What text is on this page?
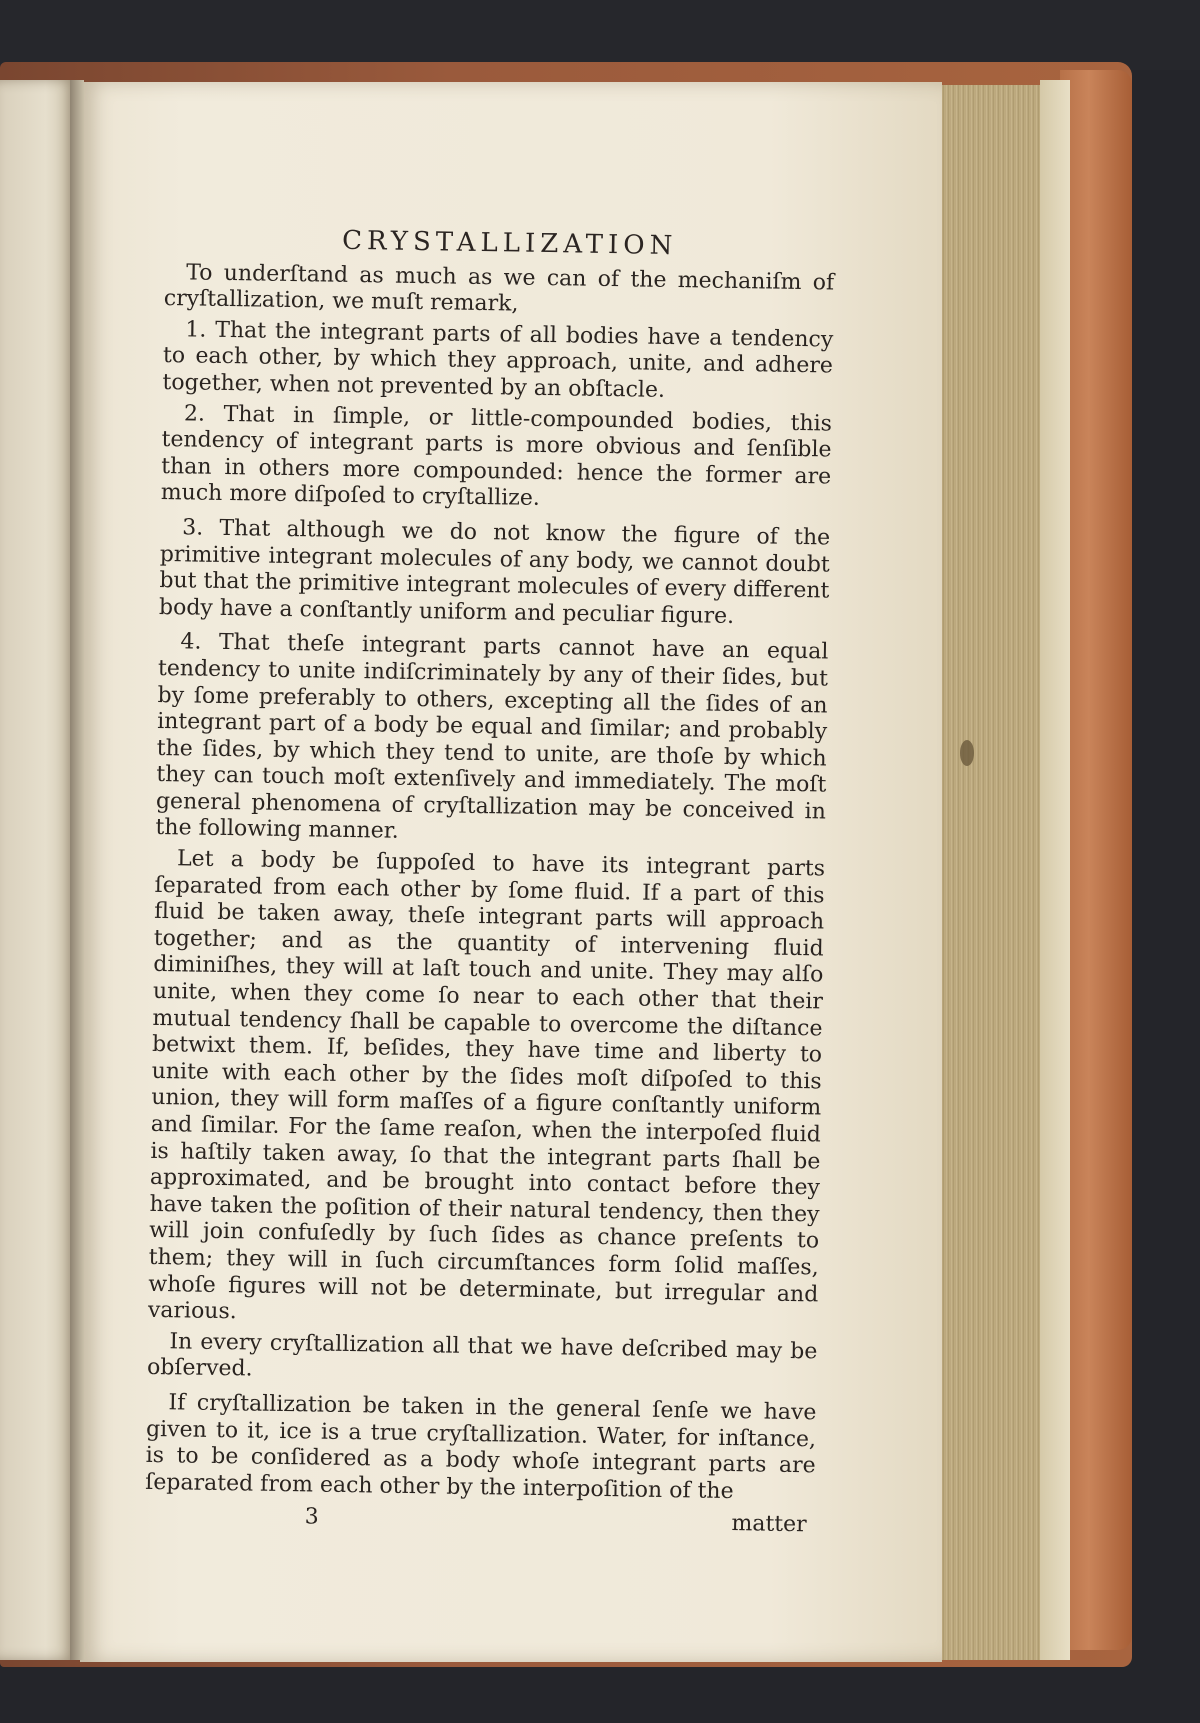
CRYSTALLIZATION

To underſtand as much as we can of the mechaniſm of cryſtallization, we muſt remark,

1. That the integrant parts of all bodies have a tendency to each other, by which they approach, unite, and adhere together, when not prevented by an obſtacle.

2. That in ſimple, or little-compounded bodies, this tendency of integrant parts is more obvious and ſenſible than in others more compounded: hence the former are much more diſpoſed to cryſtallize.

3. That although we do not know the figure of the primitive integrant molecules of any body, we cannot doubt but that the primitive integrant molecules of every different body have a conſtantly uniform and peculiar figure.

4. That theſe integrant parts cannot have an equal tendency to unite indiſcriminately by any of their ſides, but by ſome preferably to others, excepting all the ſides of an integrant part of a body be equal and ſimilar; and probably the ſides, by which they tend to unite, are thoſe by which they can touch moſt extenſively and immediately. The moſt general phenomena of cryſtallization may be conceived in the following manner.

Let a body be ſuppoſed to have its integrant parts ſeparated from each other by ſome fluid. If a part of this fluid be taken away, theſe integrant parts will approach together; and as the quantity of intervening fluid diminiſhes, they will at laſt touch and unite. They may alſo unite, when they come ſo near to each other that their mutual tendency ſhall be capable to overcome the diſtance betwixt them. If, beſides, they have time and liberty to unite with each other by the ſides moſt diſpoſed to this union, they will form maſſes of a figure conſtantly uniform and ſimilar. For the ſame reaſon, when the interpoſed fluid is haſtily taken away, ſo that the integrant parts ſhall be approximated, and be brought into contact before they have taken the poſition of their natural tendency, then they will join confuſedly by ſuch ſides as chance preſents to them; they will in ſuch circumſtances form ſolid maſſes, whoſe figures will not be determinate, but irregular and various.

In every cryſtallization all that we have deſcribed may be obſerved.

If cryſtallization be taken in the general ſenſe we have given to it, ice is a true cryſtallization. Water, for inſtance, is to be conſidered as a body whoſe integrant parts are ſeparated from each other by the interpoſition of the

3	matter
